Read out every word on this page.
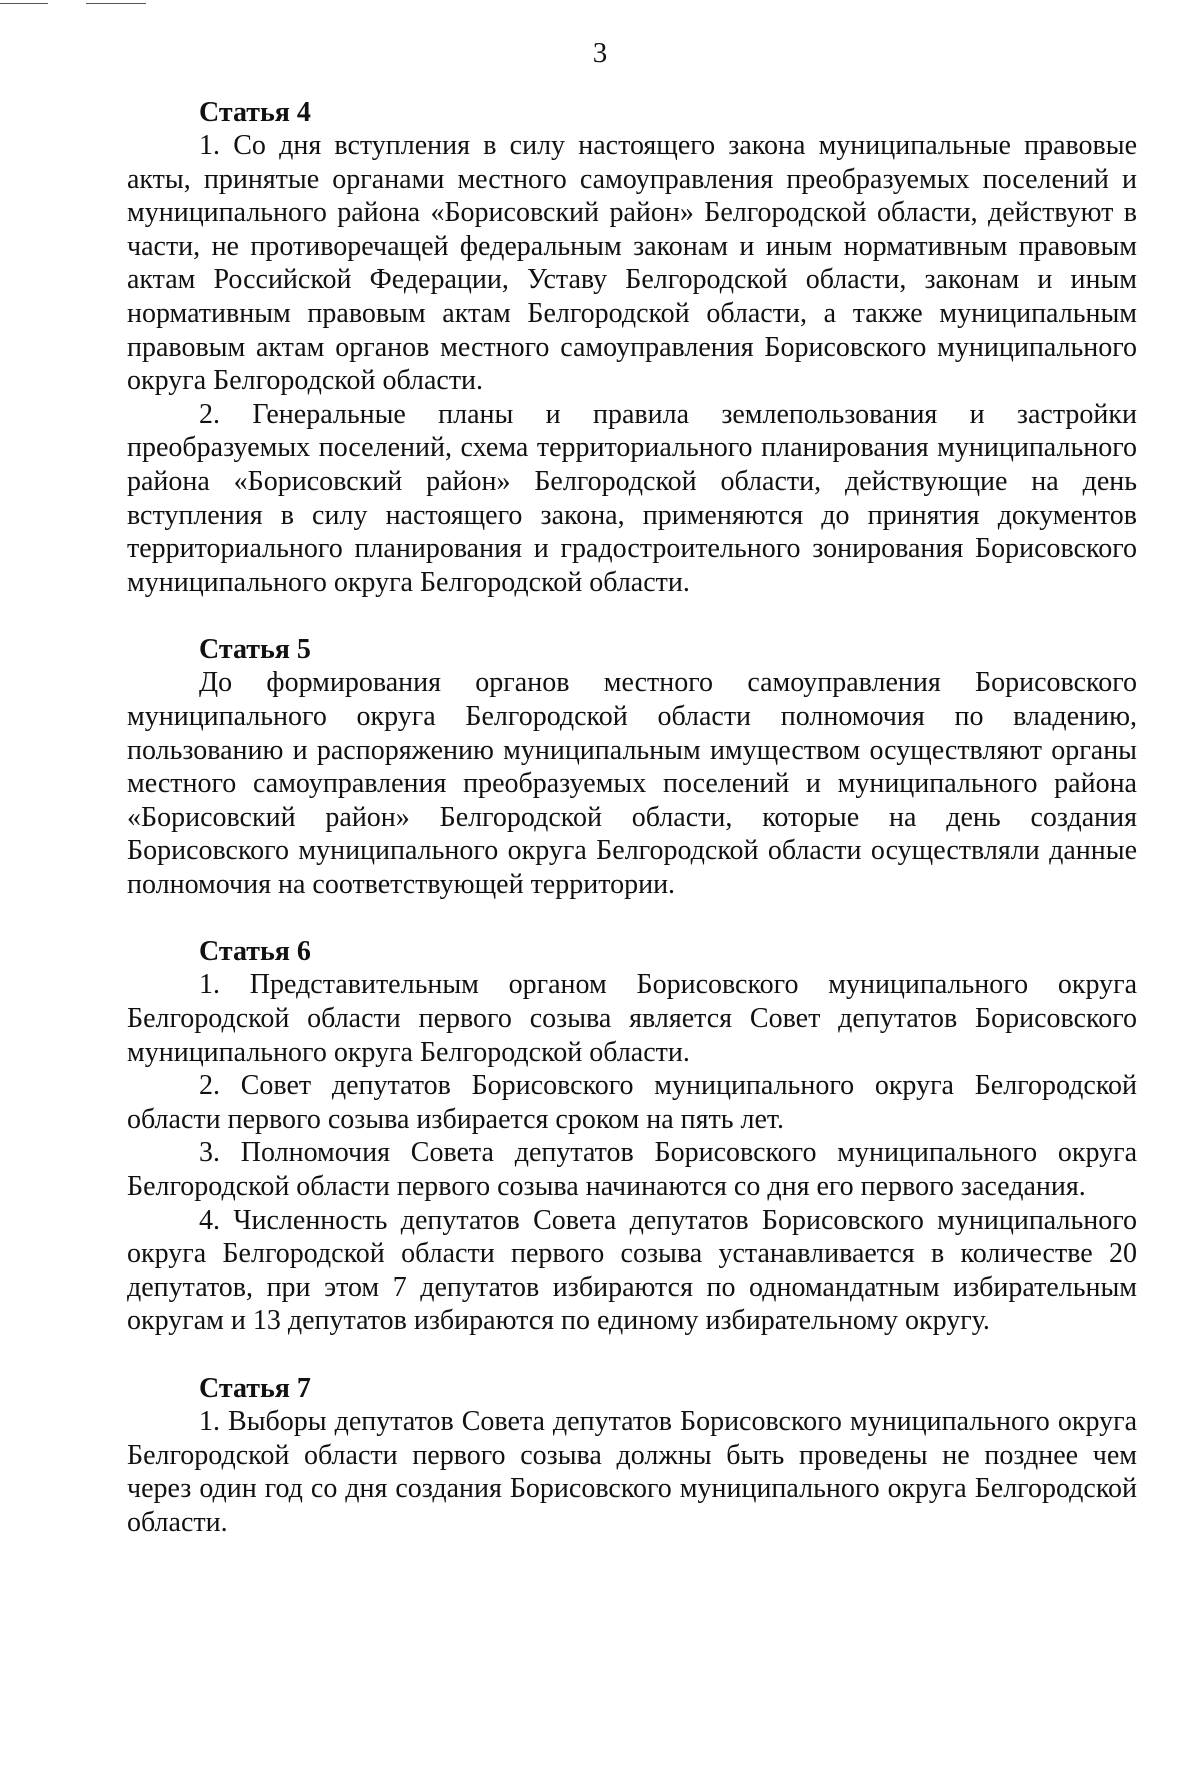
3

Статья 4

1. Со дня вступления в силу настоящего закона муниципальные правовые акты, принятые органами местного самоуправления преобразуемых поселений и муниципального района «Борисовский район» Белгородской области, действуют в части, не противоречащей федеральным законам и иным нормативным правовым актам Российской Федерации, Уставу Белгородской области, законам и иным нормативным правовым актам Белгородской области, а также муниципальным правовым актам органов местного самоуправления Борисовского муниципального округа Белгородской области.

2. Генеральные планы и правила землепользования и застройки преобразуемых поселений, схема территориального планирования муниципального района «Борисовский район» Белгородской области, действующие на день вступления в силу настоящего закона, применяются до принятия документов территориального планирования и градостроительного зонирования Борисовского муниципального округа Белгородской области.

Статья 5

До формирования органов местного самоуправления Борисовского муниципального округа Белгородской области полномочия по владению, пользованию и распоряжению муниципальным имуществом осуществляют органы местного самоуправления преобразуемых поселений и муниципального района «Борисовский район» Белгородской области, которые на день создания Борисовского муниципального округа Белгородской области осуществляли данные полномочия на соответствующей территории.

Статья 6

1. Представительным органом Борисовского муниципального округа Белгородской области первого созыва является Совет депутатов Борисовского муниципального округа Белгородской области.

2. Совет депутатов Борисовского муниципального округа Белгородской области первого созыва избирается сроком на пять лет.

3. Полномочия Совета депутатов Борисовского муниципального округа Белгородской области первого созыва начинаются со дня его первого заседания.

4. Численность депутатов Совета депутатов Борисовского муниципального округа Белгородской области первого созыва устанавливается в количестве 20 депутатов, при этом 7 депутатов избираются по одномандатным избирательным округам и 13 депутатов избираются по единому избирательному округу.

Статья 7

1. Выборы депутатов Совета депутатов Борисовского муниципального округа Белгородской области первого созыва должны быть проведены не позднее чем через один год со дня создания Борисовского муниципального округа Белгородской области.
